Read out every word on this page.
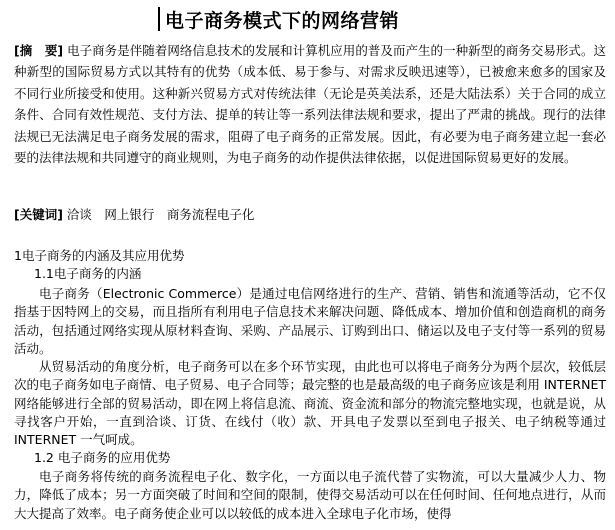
电子商务模式下的网络营销
[摘　要] 电子商务是伴随着网络信息技术的发展和计算机应用的普及而产生的一种新型的商务交易形式。这种新型的国际贸易方式以其特有的优势（成本低、易于参与、对需求反映迅速等），已被愈来愈多的国家及不同行业所接受和使用。这种新兴贸易方式对传统法律（无论是英美法系，还是大陆法系）关于合同的成立条件、合同有效性规范、支付方法、提单的转让等一系列法律法规和要求，提出了严肃的挑战。现行的法律法规已无法满足电子商务发展的需求，阻碍了电子商务的正常发展。因此，有必要为电子商务建立起一套必要的法律法规和共同遵守的商业规则，为电子商务的动作提供法律依据，以促进国际贸易更好的发展。
[关键词] 洽谈　网上银行　商务流程电子化
1电子商务的内涵及其应用优势
1.1电子商务的内涵
电子商务（Electronic Commerce）是通过电信网络进行的生产、营销、销售和流通等活动，它不仅指基于因特网上的交易，而且指所有利用电子信息技术来解决问题、降低成本、增加价值和创造商机的商务活动，包括通过网络实现从原材料查询、采购、产品展示、订购到出口、储运以及电子支付等一系列的贸易活动。
从贸易活动的角度分析，电子商务可以在多个环节实现，由此也可以将电子商务分为两个层次，较低层次的电子商务如电子商情、电子贸易、电子合同等；最完整的也是最高级的电子商务应该是利用 INTERNET 网络能够进行全部的贸易活动，即在网上将信息流、商流、资金流和部分的物流完整地实现，也就是说，从寻找客户开始，一直到洽谈、订货、在线付（收）款、开具电子发票以至到电子报关、电子纳税等通过 INTERNET 一气呵成。
1.2 电子商务的应用优势
电子商务将传统的商务流程电子化、数字化，一方面以电子流代替了实物流，可以大量减少人力、物力，降低了成本；另一方面突破了时间和空间的限制，使得交易活动可以在任何时间、任何地点进行，从而大大提高了效率。电子商务使企业可以以较低的成本进入全球电子化市场，使得
